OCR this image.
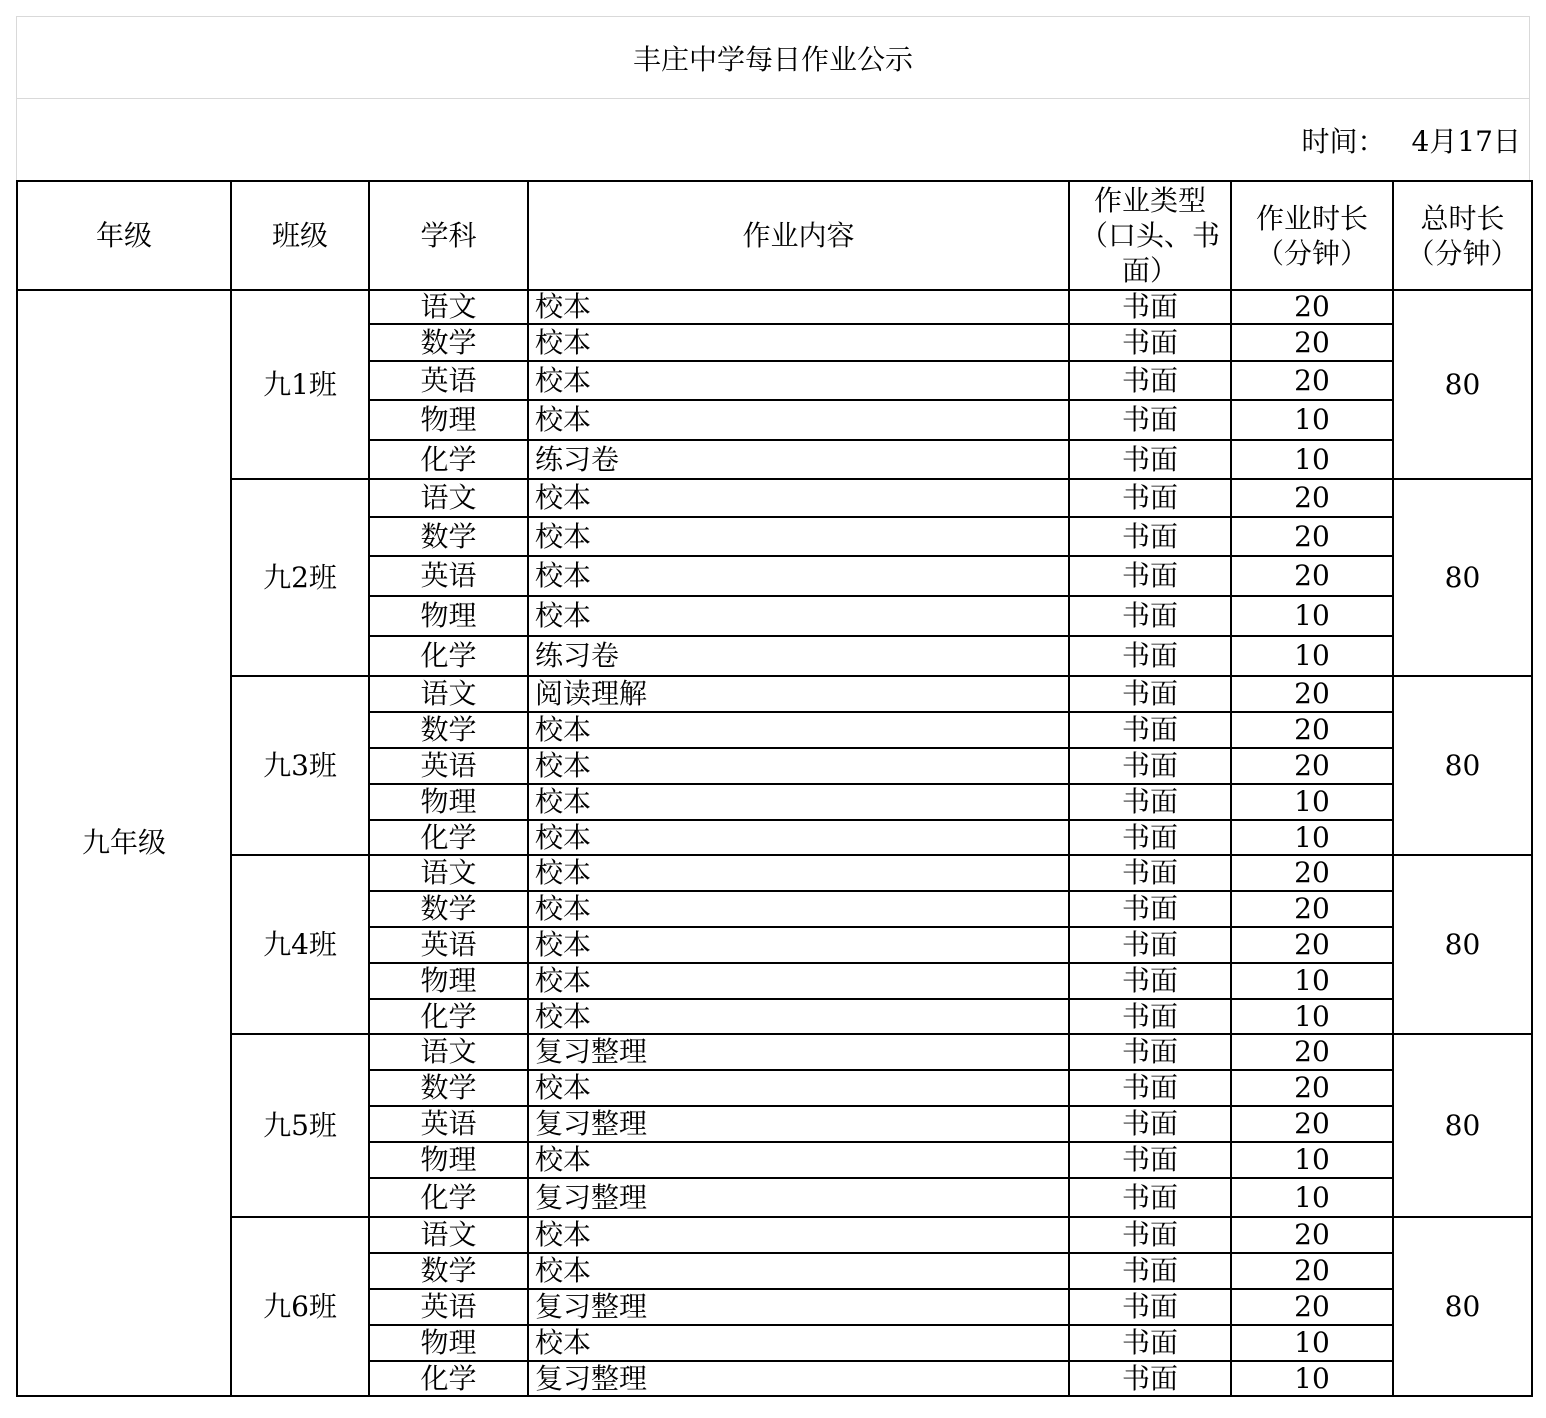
丰庄中学每日作业公示
时间： 4月17日
年级	班级	学科	作业内容	作业类型（口头、书面）	作业时长（分钟）	总时长（分钟）
九年级	九1班	语文	校本	书面	20	80
		数学	校本	书面	20	
		英语	校本	书面	20	
		物理	校本	书面	10	
		化学	练习卷	书面	10	
	九2班	语文	校本	书面	20	80
		数学	校本	书面	20	
		英语	校本	书面	20	
		物理	校本	书面	10	
		化学	练习卷	书面	10	
	九3班	语文	阅读理解	书面	20	80
		数学	校本	书面	20	
		英语	校本	书面	20	
		物理	校本	书面	10	
		化学	校本	书面	10	
	九4班	语文	校本	书面	20	80
		数学	校本	书面	20	
		英语	校本	书面	20	
		物理	校本	书面	10	
		化学	校本	书面	10	
	九5班	语文	复习整理	书面	20	80
		数学	校本	书面	20	
		英语	复习整理	书面	20	
		物理	校本	书面	10	
		化学	复习整理	书面	10	
	九6班	语文	校本	书面	20	80
		数学	校本	书面	20	
		英语	复习整理	书面	20	
		物理	校本	书面	10	
		化学	复习整理	书面	10	
